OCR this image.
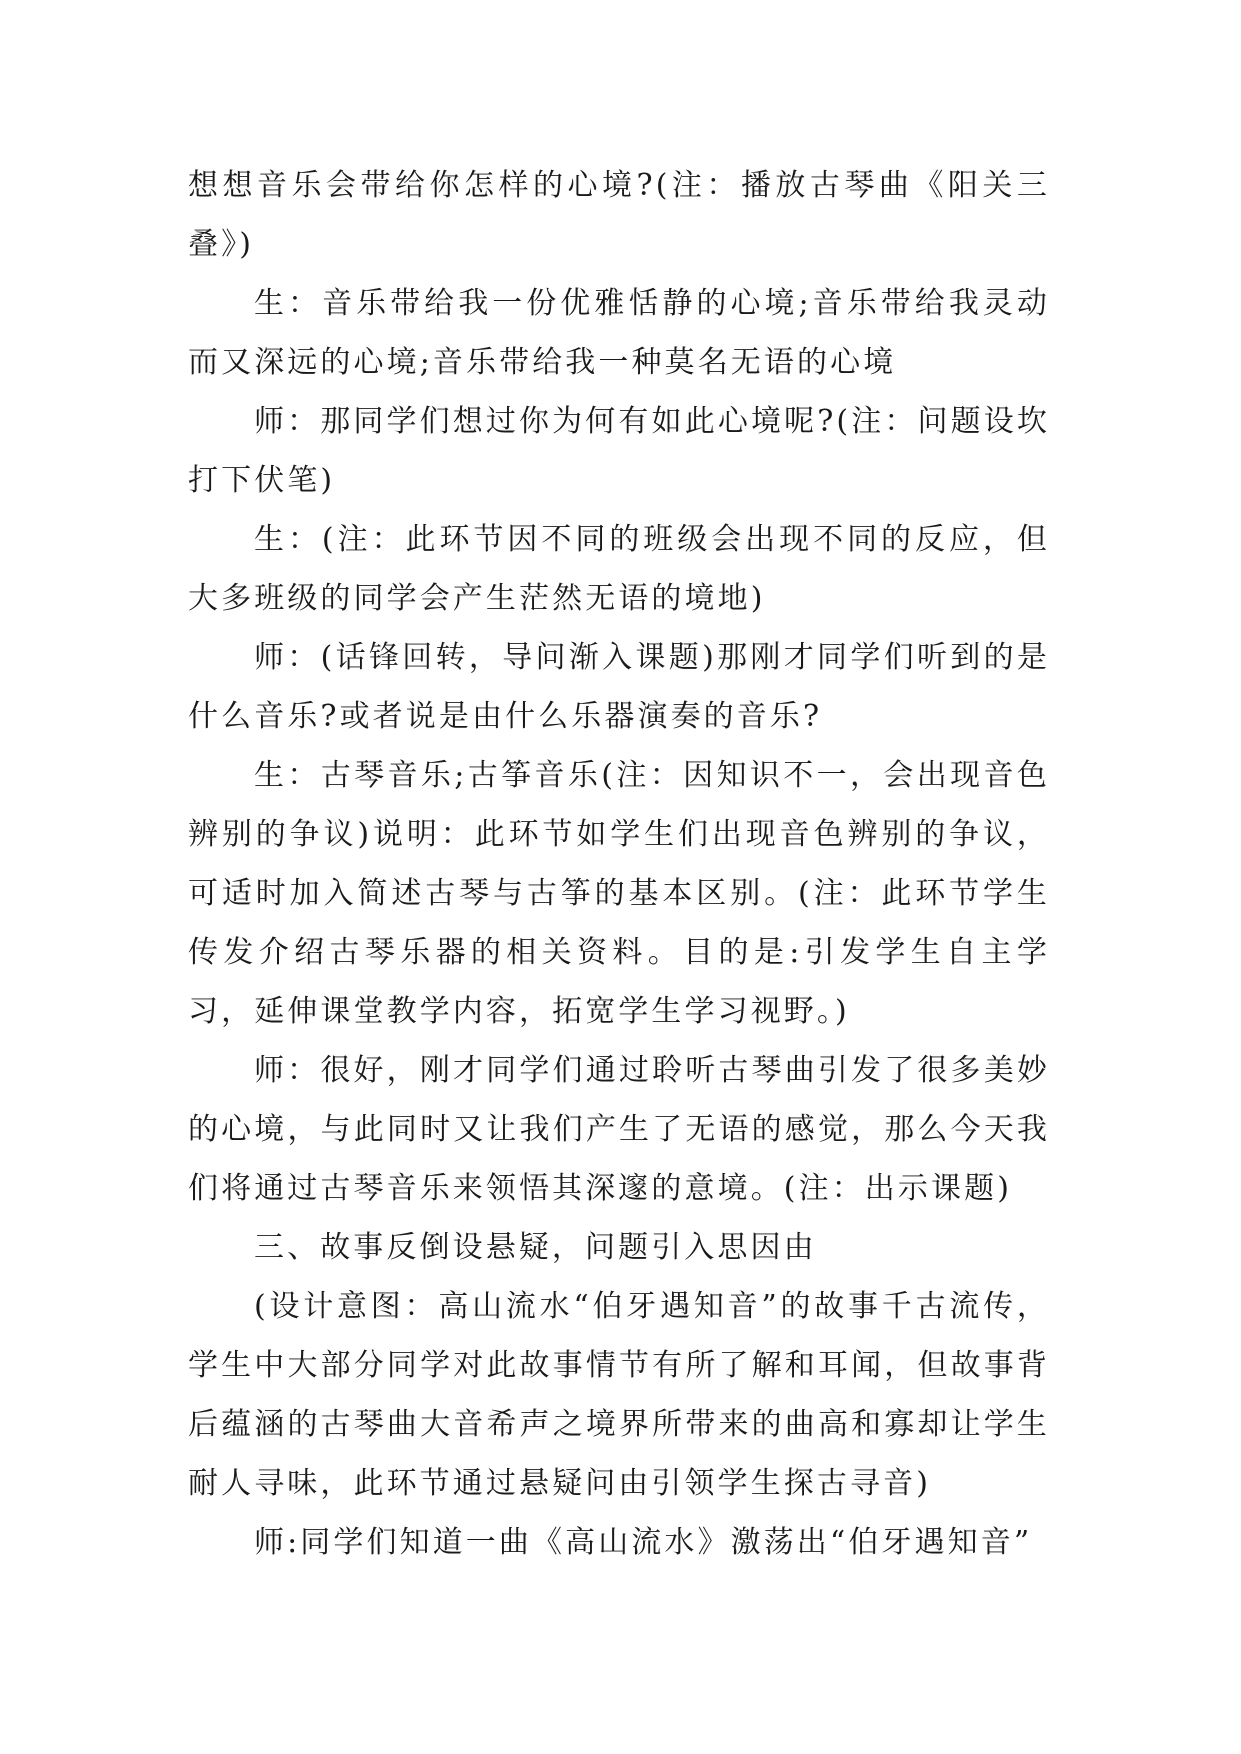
想想音乐会带给你怎样的心境?(注：播放古琴曲《阳关三叠》)

生：音乐带给我一份优雅恬静的心境;音乐带给我灵动而又深远的心境;音乐带给我一种莫名无语的心境

师：那同学们想过你为何有如此心境呢?(注：问题设坎打下伏笔)

生：(注：此环节因不同的班级会出现不同的反应，但大多班级的同学会产生茫然无语的境地)

师：(话锋回转，导问渐入课题)那刚才同学们听到的是什么音乐?或者说是由什么乐器演奏的音乐?

生：古琴音乐;古筝音乐(注：因知识不一，会出现音色辨别的争议)说明：此环节如学生们出现音色辨别的争议，可适时加入简述古琴与古筝的基本区别。(注：此环节学生传发介绍古琴乐器的相关资料。目的是:引发学生自主学习，延伸课堂教学内容，拓宽学生学习视野。)

师：很好，刚才同学们通过聆听古琴曲引发了很多美妙的心境，与此同时又让我们产生了无语的感觉，那么今天我们将通过古琴音乐来领悟其深邃的意境。(注：出示课题)

三、故事反倒设悬疑，问题引入思因由

(设计意图：高山流水“伯牙遇知音”的故事千古流传，学生中大部分同学对此故事情节有所了解和耳闻，但故事背后蕴涵的古琴曲大音希声之境界所带来的曲高和寡却让学生耐人寻味，此环节通过悬疑问由引领学生探古寻音)

师:同学们知道一曲《高山流水》激荡出“伯牙遇知音”
